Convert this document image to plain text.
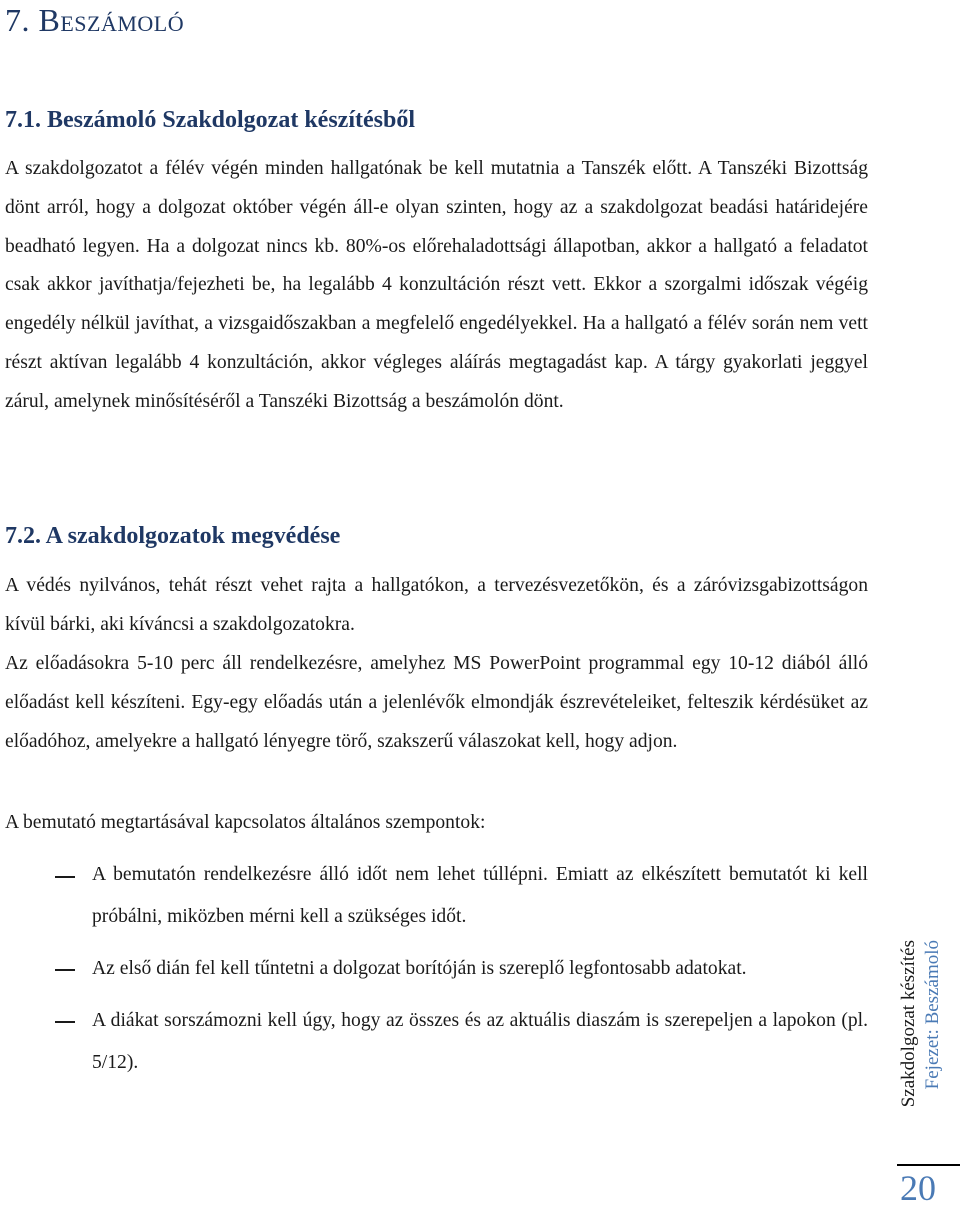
7. Beszámoló
7.1. Beszámoló Szakdolgozat készítésből

A szakdolgozatot a félév végén minden hallgatónak be kell mutatnia a Tanszék előtt. A Tanszéki Bizottság dönt arról, hogy a dolgozat október végén áll-e olyan szinten, hogy az a szakdolgozat beadási határidejére beadható legyen. Ha a dolgozat nincs kb. 80%-os előrehaladottsági állapotban, akkor a hallgató a feladatot csak akkor javíthatja/fejezheti be, ha legalább 4 konzultáción részt vett. Ekkor a szorgalmi időszak végéig engedély nélkül javíthat, a vizsgaidőszakban a megfelelő engedélyekkel. Ha a hallgató a félév során nem vett részt aktívan legalább 4 konzultáción, akkor végleges aláírás megtagadást kap. A tárgy gyakorlati jeggyel zárul, amelynek minősítéséről a Tanszéki Bizottság a beszámolón dönt.

7.2. A szakdolgozatok megvédése

A védés nyilvános, tehát részt vehet rajta a hallgatókon, a tervezésvezetőkön, és a záróvizsgabizottságon kívül bárki, aki kíváncsi a szakdolgozatokra.

Az előadásokra 5-10 perc áll rendelkezésre, amelyhez MS PowerPoint programmal egy 10-12 diából álló előadást kell készíteni. Egy-egy előadás után a jelenlévők elmondják észrevételeiket, felteszik kérdésüket az előadóhoz, amelyekre a hallgató lényegre törő, szakszerű válaszokat kell, hogy adjon.

A bemutató megtartásával kapcsolatos általános szempontok:

A bemutatón rendelkezésre álló időt nem lehet túllépni. Emiatt az elkészített bemutatót ki kell próbálni, miközben mérni kell a szükséges időt.

Az első dián fel kell tűntetni a dolgozat borítóján is szereplő legfontosabb adatokat.

A diákat sorszámozni kell úgy, hogy az összes és az aktuális diaszám is szerepeljen a lapokon (pl. 5/12).	Szakdolgozat készítés Fejezet: Beszámoló
20
